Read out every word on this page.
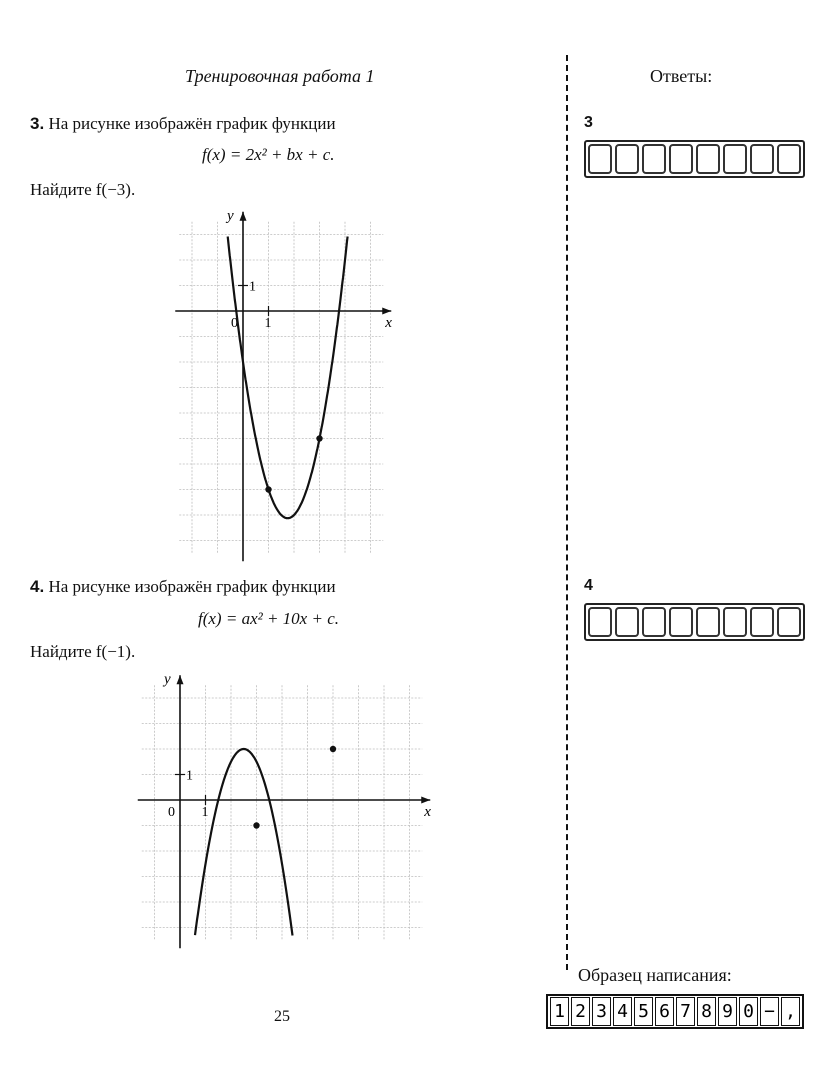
Тренировочная работа 1	Ответы:
3. На рисунке изображён график функции
f(x) = 2x² + bx + c.
Найдите f(−3).
3
x
y
0 1
1
4. На рисунке изображён график функции
f(x) = ax² + 10x + c.
Найдите f(−1).
4
x
y
0 1
1
Образец написания:
1 2 3 4 5 6 7 8 9 0 − ,
25
